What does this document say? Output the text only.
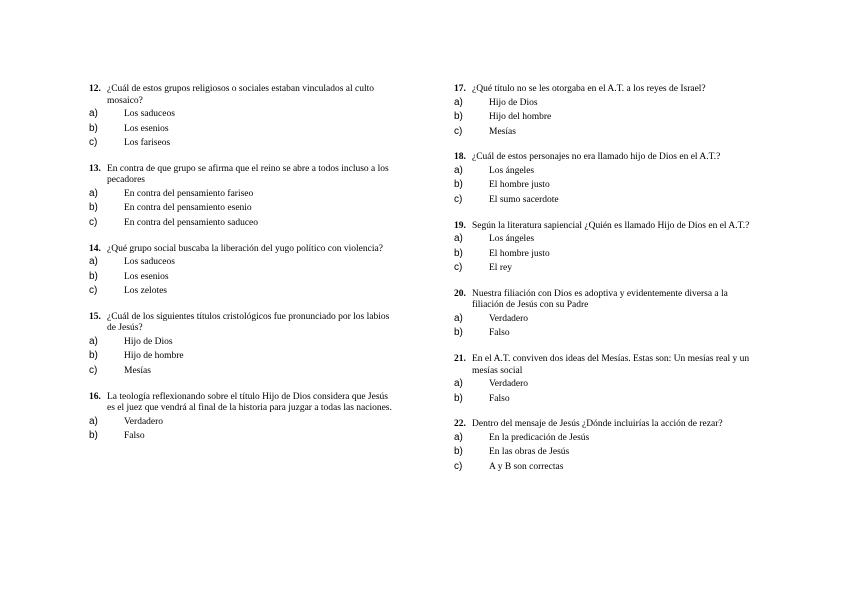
12. ¿Cuál de estos grupos religiosos o sociales estaban vinculados al culto mosaico?
a)	Los saduceos
b)	Los esenios
c)	Los fariseos
13. En contra de que grupo se afirma que el reino se abre a todos incluso a los pecadores
a)	En contra del pensamiento fariseo
b)	En contra del pensamiento esenio
c)	En contra del pensamiento saduceo
14. ¿Qué grupo social buscaba la liberación del yugo político con violencia?
a)	Los saduceos
b)	Los esenios
c)	Los zelotes
15. ¿Cuál de los siguientes títulos cristológicos fue pronunciado por los labios de Jesús?
a)	Hijo de Dios
b)	Hijo de hombre
c)	Mesías
16. La teología reflexionando sobre el título Hijo de Dios considera que Jesús es el juez que vendrá al final de la historia para juzgar a todas las naciones.
a)	Verdadero
b)	Falso
17. ¿Qué título no se les otorgaba en el A.T. a los reyes de Israel?
a)	Hijo de Dios
b)	Hijo del hombre
c)	Mesías
18. ¿Cuál de estos personajes no era llamado hijo de Dios en el A.T.?
a)	Los ángeles
b)	El hombre justo
c)	El sumo sacerdote
19. Según la literatura sapiencial ¿Quién es llamado Hijo de Dios en el A.T.?
a)	Los ángeles
b)	El hombre justo
c)	El rey
20. Nuestra filiación con Dios es adoptiva y evidentemente diversa a la filiación de Jesús con su Padre
a)	Verdadero
b)	Falso
21. En el A.T. conviven dos ideas del Mesías. Estas son: Un mesías real y un mesías social
a)	Verdadero
b)	Falso
22. Dentro del mensaje de Jesús ¿Dónde incluirías la acción de rezar?
a)	En la predicación de Jesús
b)	En las obras de Jesús
c)	A y B son correctas
